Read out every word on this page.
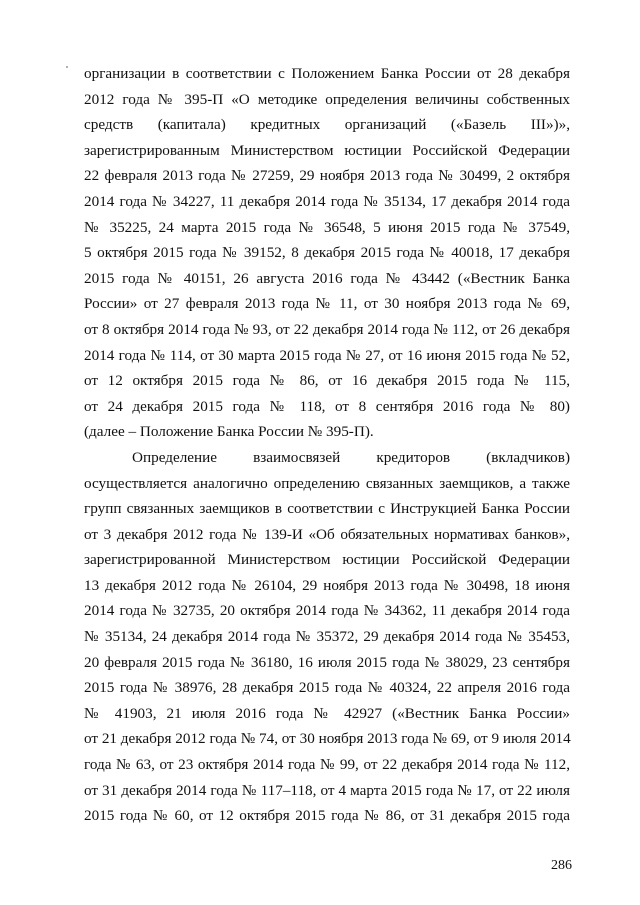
организации в соответствии с Положением Банка России от 28 декабря
2012 года № 395-П «О методике определения величины собственных
средств (капитала) кредитных организаций («Базель III»)»,
зарегистрированным Министерством юстиции Российской Федерации
22 февраля 2013 года № 27259, 29 ноября 2013 года № 30499, 2 октября
2014 года № 34227, 11 декабря 2014 года № 35134, 17 декабря 2014 года
№ 35225, 24 марта 2015 года № 36548, 5 июня 2015 года № 37549,
5 октября 2015 года № 39152, 8 декабря 2015 года № 40018, 17 декабря
2015 года № 40151, 26 августа 2016 года № 43442 («Вестник Банка
России» от 27 февраля 2013 года № 11, от 30 ноября 2013 года № 69,
от 8 октября 2014 года № 93, от 22 декабря 2014 года № 112, от 26 декабря
2014 года № 114, от 30 марта 2015 года № 27, от 16 июня 2015 года № 52,
от 12 октября 2015 года № 86, от 16 декабря 2015 года № 115,
от 24 декабря 2015 года № 118, от 8 сентября 2016 года № 80)
(далее – Положение Банка России № 395-П).
Определение взаимосвязей кредиторов (вкладчиков)
осуществляется аналогично определению связанных заемщиков, а также
групп связанных заемщиков в соответствии с Инструкцией Банка России
от 3 декабря 2012 года № 139-И «Об обязательных нормативах банков»,
зарегистрированной Министерством юстиции Российской Федерации
13 декабря 2012 года № 26104, 29 ноября 2013 года № 30498, 18 июня
2014 года № 32735, 20 октября 2014 года № 34362, 11 декабря 2014 года
№ 35134, 24 декабря 2014 года № 35372, 29 декабря 2014 года № 35453,
20 февраля 2015 года № 36180, 16 июля 2015 года № 38029, 23 сентября
2015 года № 38976, 28 декабря 2015 года № 40324, 22 апреля 2016 года
№ 41903, 21 июля 2016 года № 42927 («Вестник Банка России»
от 21 декабря 2012 года № 74, от 30 ноября 2013 года № 69, от 9 июля 2014
года № 63, от 23 октября 2014 года № 99, от 22 декабря 2014 года № 112,
от 31 декабря 2014 года № 117–118, от 4 марта 2015 года № 17, от 22 июля
2015 года № 60, от 12 октября 2015 года № 86, от 31 декабря 2015 года
286
